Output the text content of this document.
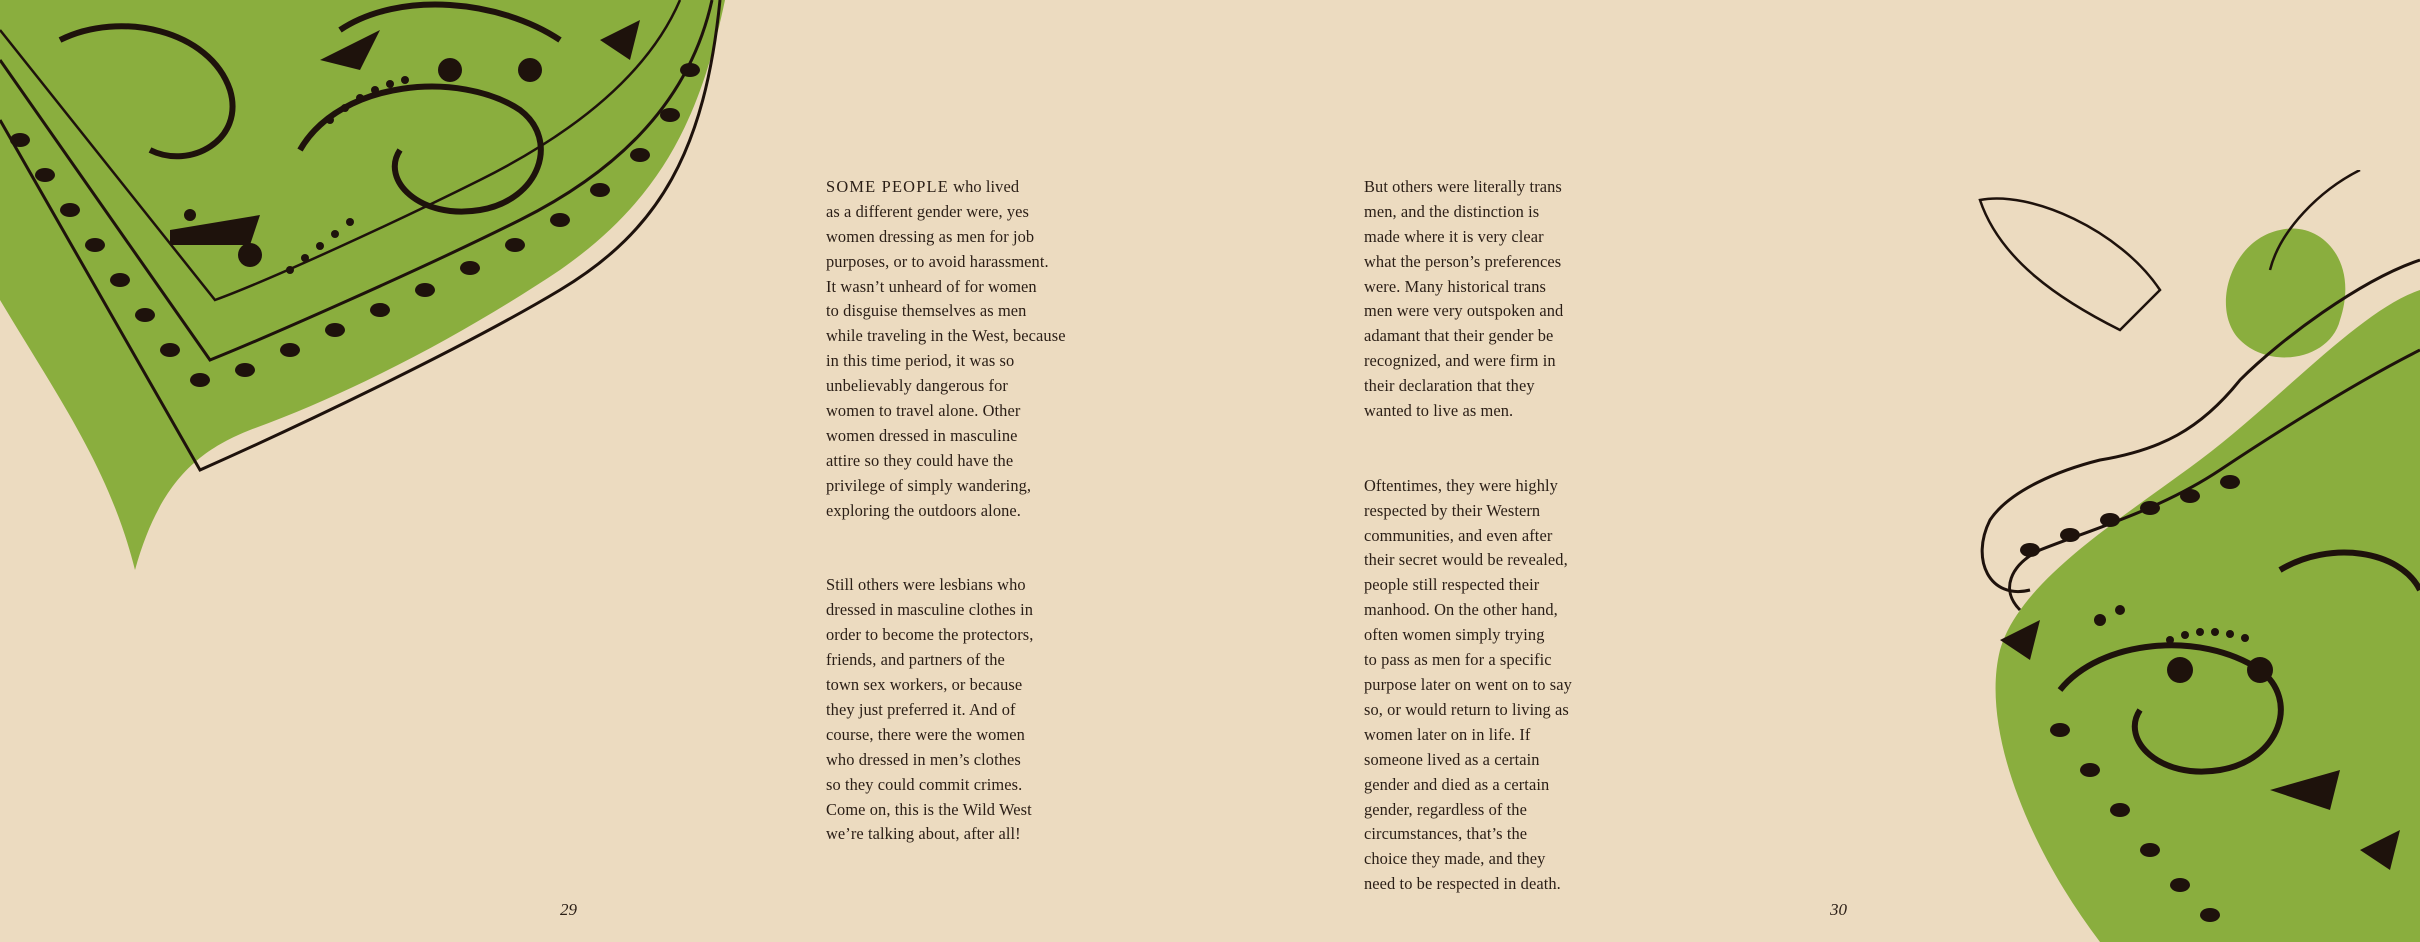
SOME PEOPLE who lived
as a different gender were, yes
women dressing as men for job
purposes, or to avoid harassment.
It wasn’t unheard of for women
to disguise themselves as men
while traveling in the West, because
in this time period, it was so
unbelievably dangerous for
women to travel alone. Other
women dressed in masculine
attire so they could have the
privilege of simply wandering,
exploring the outdoors alone.

Still others were lesbians who
dressed in masculine clothes in
order to become the protectors,
friends, and partners of the
town sex workers, or because
they just preferred it. And of
course, there were the women
who dressed in men’s clothes
so they could commit crimes.
Come on, this is the Wild West
we’re talking about, after all!

29

But others were literally trans
men, and the distinction is
made where it is very clear
what the person’s preferences
were. Many historical trans
men were very outspoken and
adamant that their gender be
recognized, and were firm in
their declaration that they
wanted to live as men.

Oftentimes, they were highly
respected by their Western
communities, and even after
their secret would be revealed,
people still respected their
manhood. On the other hand,
often women simply trying
to pass as men for a specific
purpose later on went on to say
so, or would return to living as
women later on in life. If
someone lived as a certain
gender and died as a certain
gender, regardless of the
circumstances, that’s the
choice they made, and they
need to be respected in death.

30
